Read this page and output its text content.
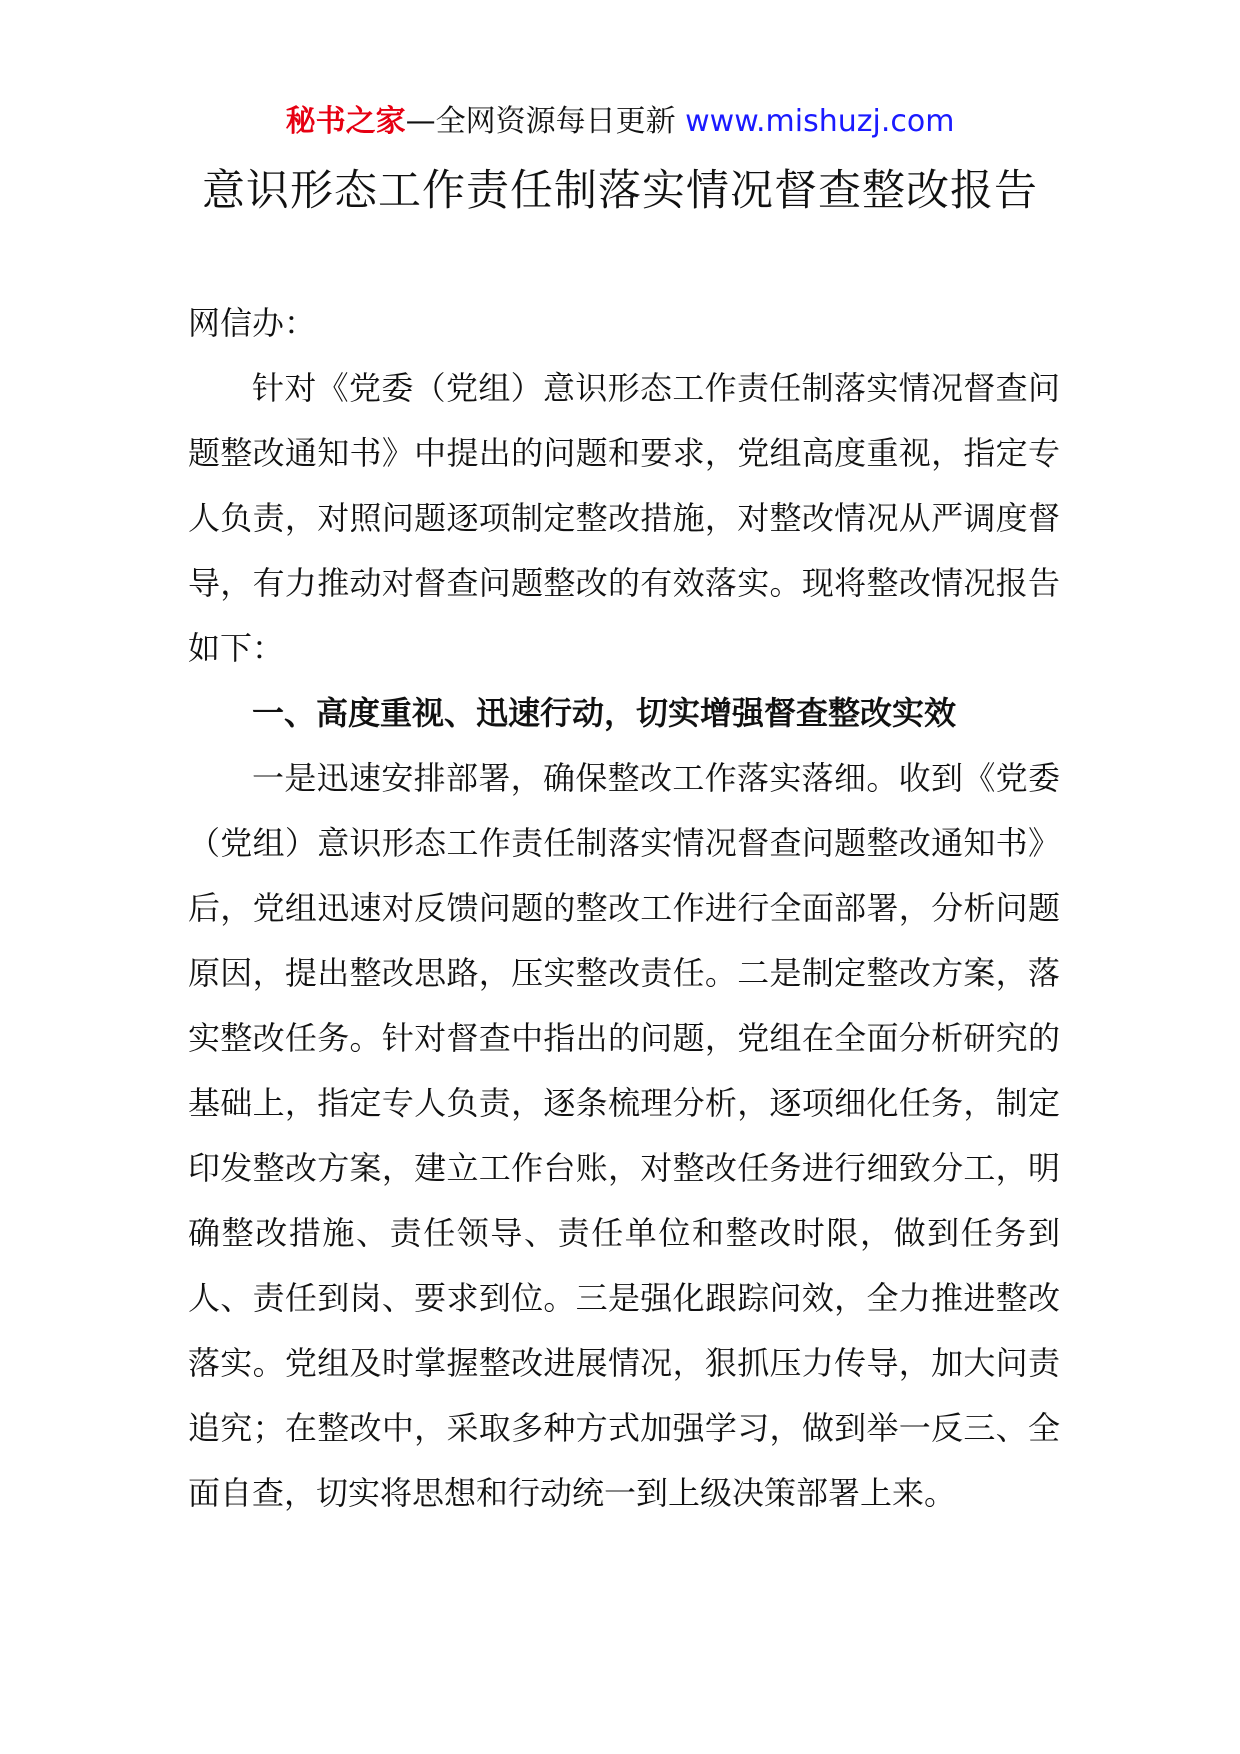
秘书之家—全网资源每日更新 www.mishuzj.com
意识形态工作责任制落实情况督查整改报告

网信办：

针对《党委（党组）意识形态工作责任制落实情况督查问题整改通知书》中提出的问题和要求，党组高度重视，指定专人负责，对照问题逐项制定整改措施，对整改情况从严调度督导，有力推动对督查问题整改的有效落实。现将整改情况报告如下：

一、高度重视、迅速行动，切实增强督查整改实效

一是迅速安排部署，确保整改工作落实落细。收到《党委（党组）意识形态工作责任制落实情况督查问题整改通知书》后，党组迅速对反馈问题的整改工作进行全面部署，分析问题原因，提出整改思路，压实整改责任。二是制定整改方案，落实整改任务。针对督查中指出的问题，党组在全面分析研究的基础上，指定专人负责，逐条梳理分析，逐项细化任务，制定印发整改方案，建立工作台账，对整改任务进行细致分工，明确整改措施、责任领导、责任单位和整改时限，做到任务到人、责任到岗、要求到位。三是强化跟踪问效，全力推进整改落实。党组及时掌握整改进展情况，狠抓压力传导，加大问责追究；在整改中，采取多种方式加强学习，做到举一反三、全面自查，切实将思想和行动统一到上级决策部署上来。
